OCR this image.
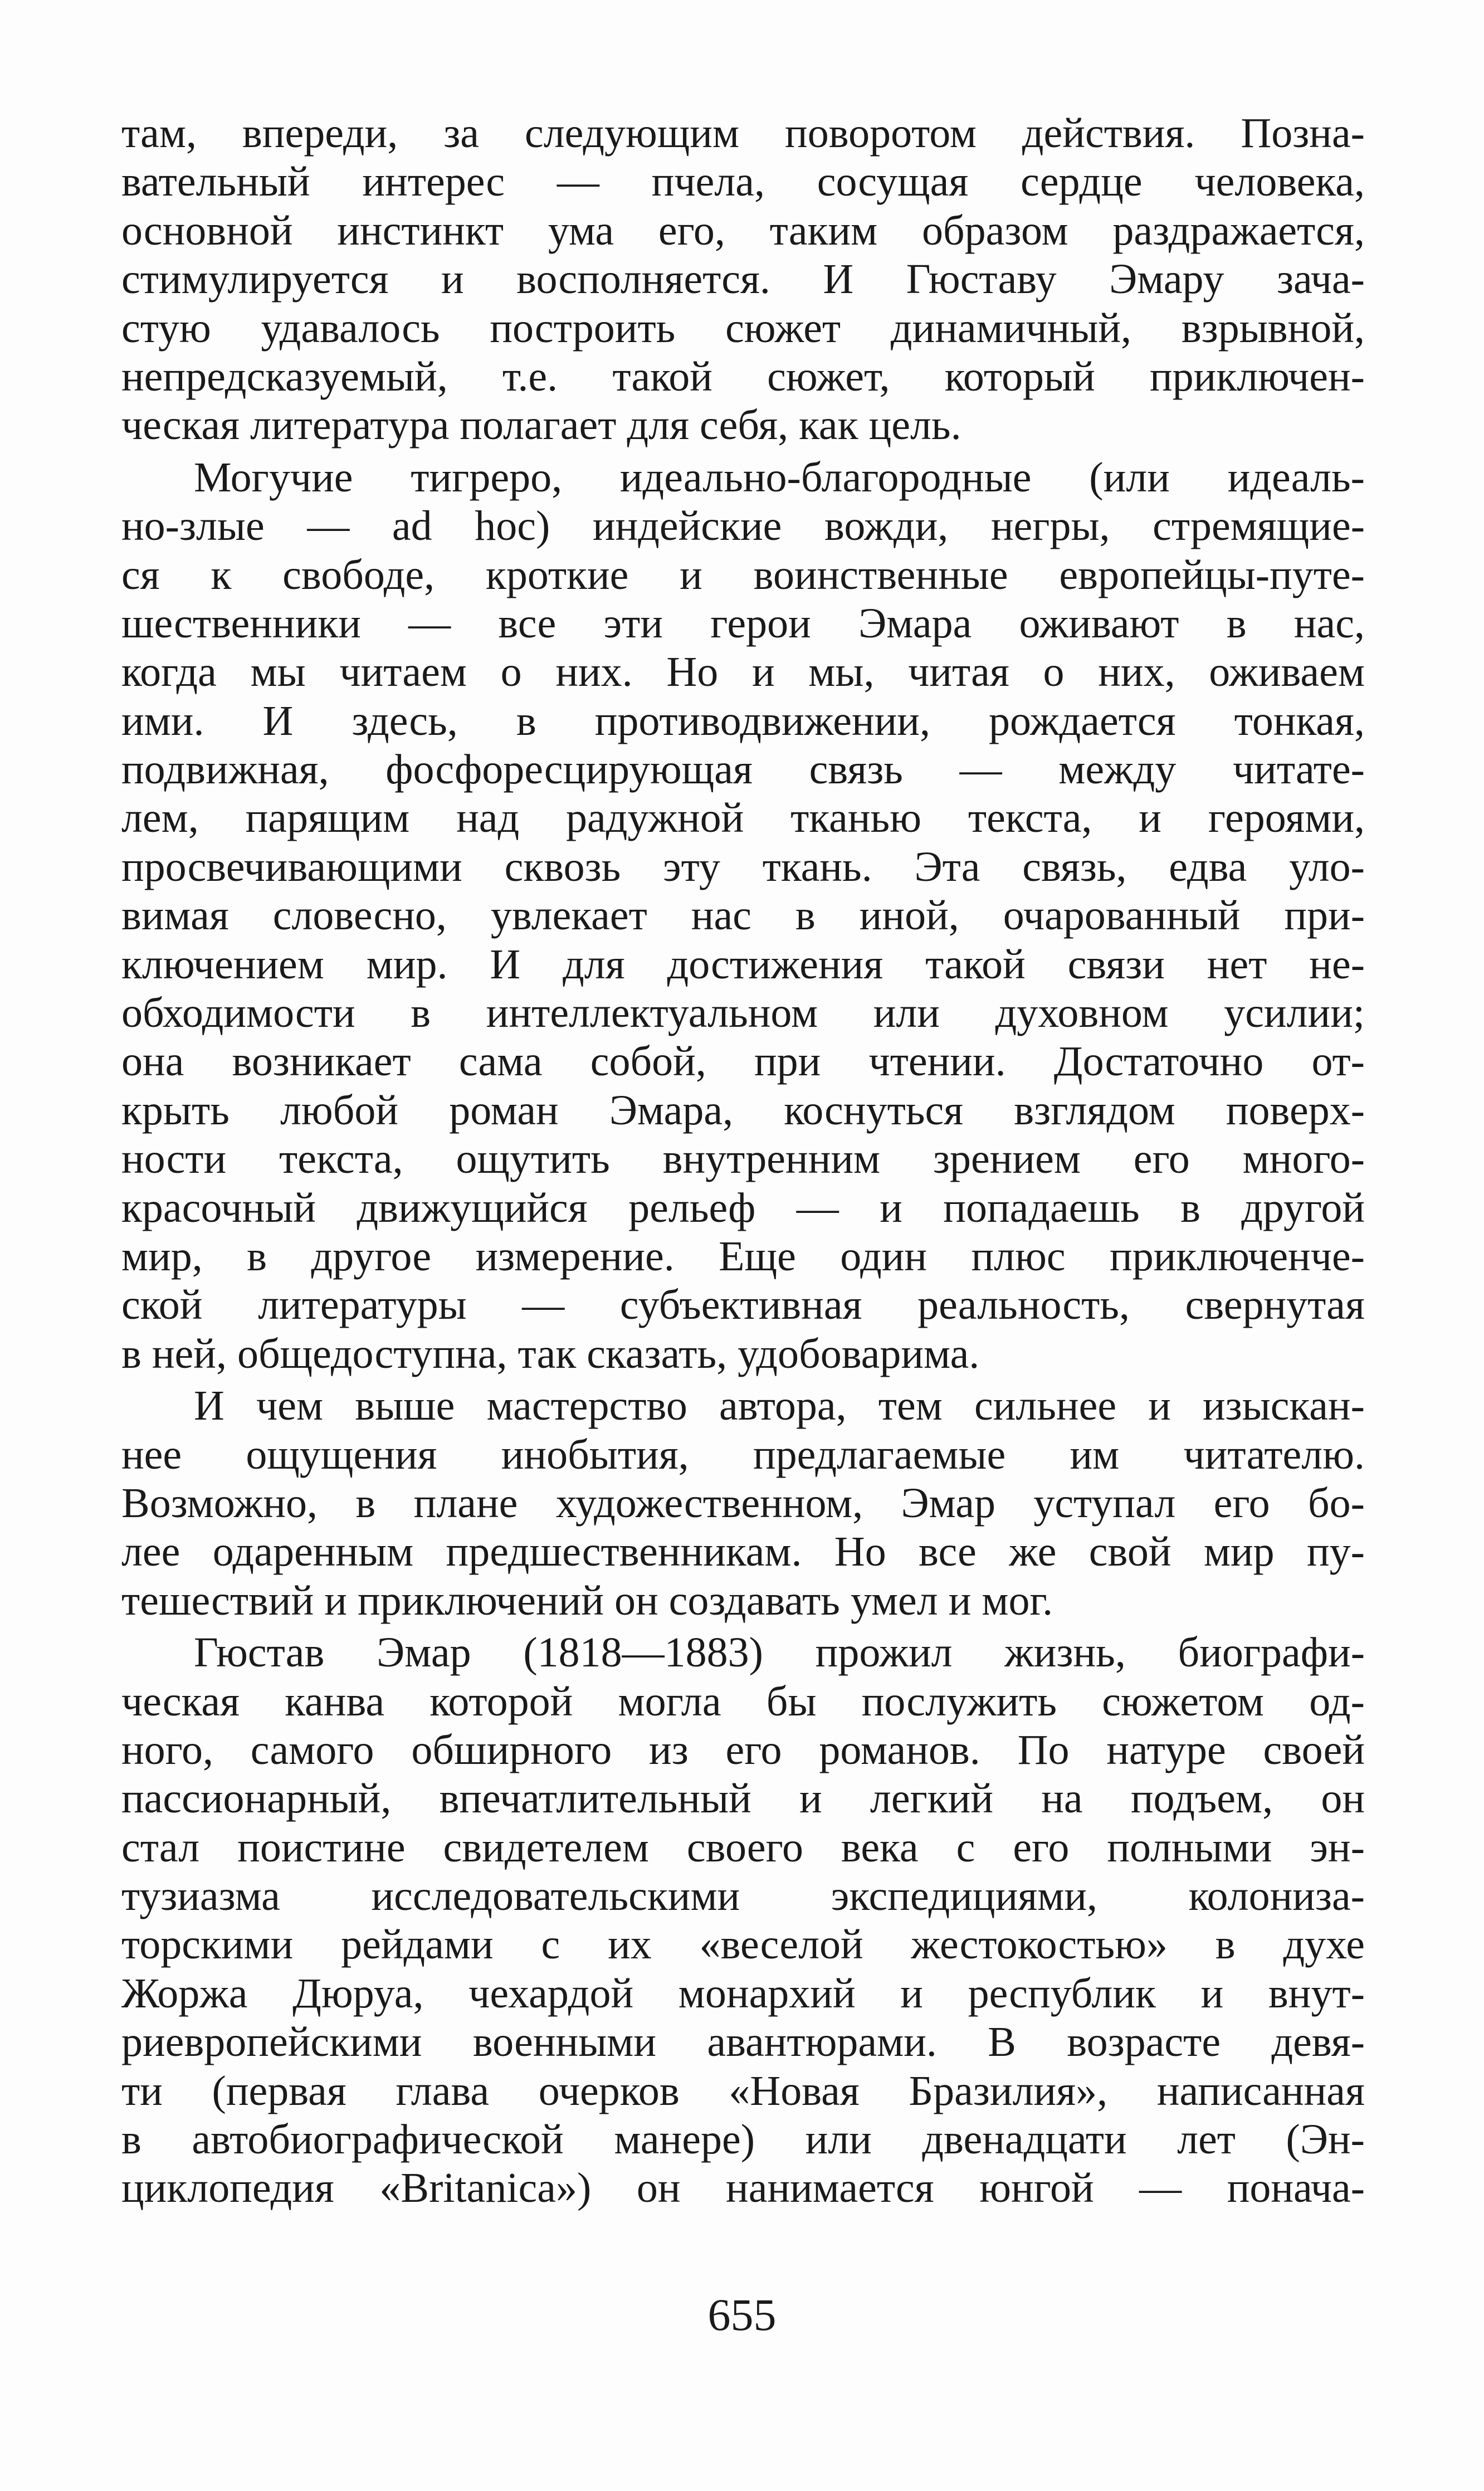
там, впереди, за следующим поворотом действия. Позна-
вательный интерес — пчела, сосущая сердце человека,
основной инстинкт ума его, таким образом раздражается,
стимулируется и восполняется. И Гюставу Эмару зача-
стую удавалось построить сюжет динамичный, взрывной,
непредсказуемый, т.е. такой сюжет, который приключен-
ческая литература полагает для себя, как цель.
Могучие тигреро, идеально-благородные (или идеаль-
но-злые — ad hoc) индейские вожди, негры, стремящие-
ся к свободе, кроткие и воинственные европейцы-путе-
шественники — все эти герои Эмара оживают в нас,
когда мы читаем о них. Но и мы, читая о них, оживаем
ими. И здесь, в противодвижении, рождается тонкая,
подвижная, фосфоресцирующая связь — между читате-
лем, парящим над радужной тканью текста, и героями,
просвечивающими сквозь эту ткань. Эта связь, едва уло-
вимая словесно, увлекает нас в иной, очарованный при-
ключением мир. И для достижения такой связи нет не-
обходимости в интеллектуальном или духовном усилии;
она возникает сама собой, при чтении. Достаточно от-
крыть любой роман Эмара, коснуться взглядом поверх-
ности текста, ощутить внутренним зрением его много-
красочный движущийся рельеф — и попадаешь в другой
мир, в другое измерение. Еще один плюс приключенче-
ской литературы — субъективная реальность, свернутая
в ней, общедоступна, так сказать, удобоварима.
И чем выше мастерство автора, тем сильнее и изыскан-
нее ощущения инобытия, предлагаемые им читателю.
Возможно, в плане художественном, Эмар уступал его бо-
лее одаренным предшественникам. Но все же свой мир пу-
тешествий и приключений он создавать умел и мог.
Гюстав Эмар (1818—1883) прожил жизнь, биографи-
ческая канва которой могла бы послужить сюжетом од-
ного, самого обширного из его романов. По натуре своей
пассионарный, впечатлительный и легкий на подъем, он
стал поистине свидетелем своего века с его полными эн-
тузиазма исследовательскими экспедициями, колониза-
торскими рейдами с их «веселой жестокостью» в духе
Жоржа Дюруа, чехардой монархий и республик и внут-
риевропейскими военными авантюрами. В возрасте девя-
ти (первая глава очерков «Новая Бразилия», написанная
в автобиографической манере) или двенадцати лет (Эн-
циклопедия «Britanica») он нанимается юнгой — понача-
655
